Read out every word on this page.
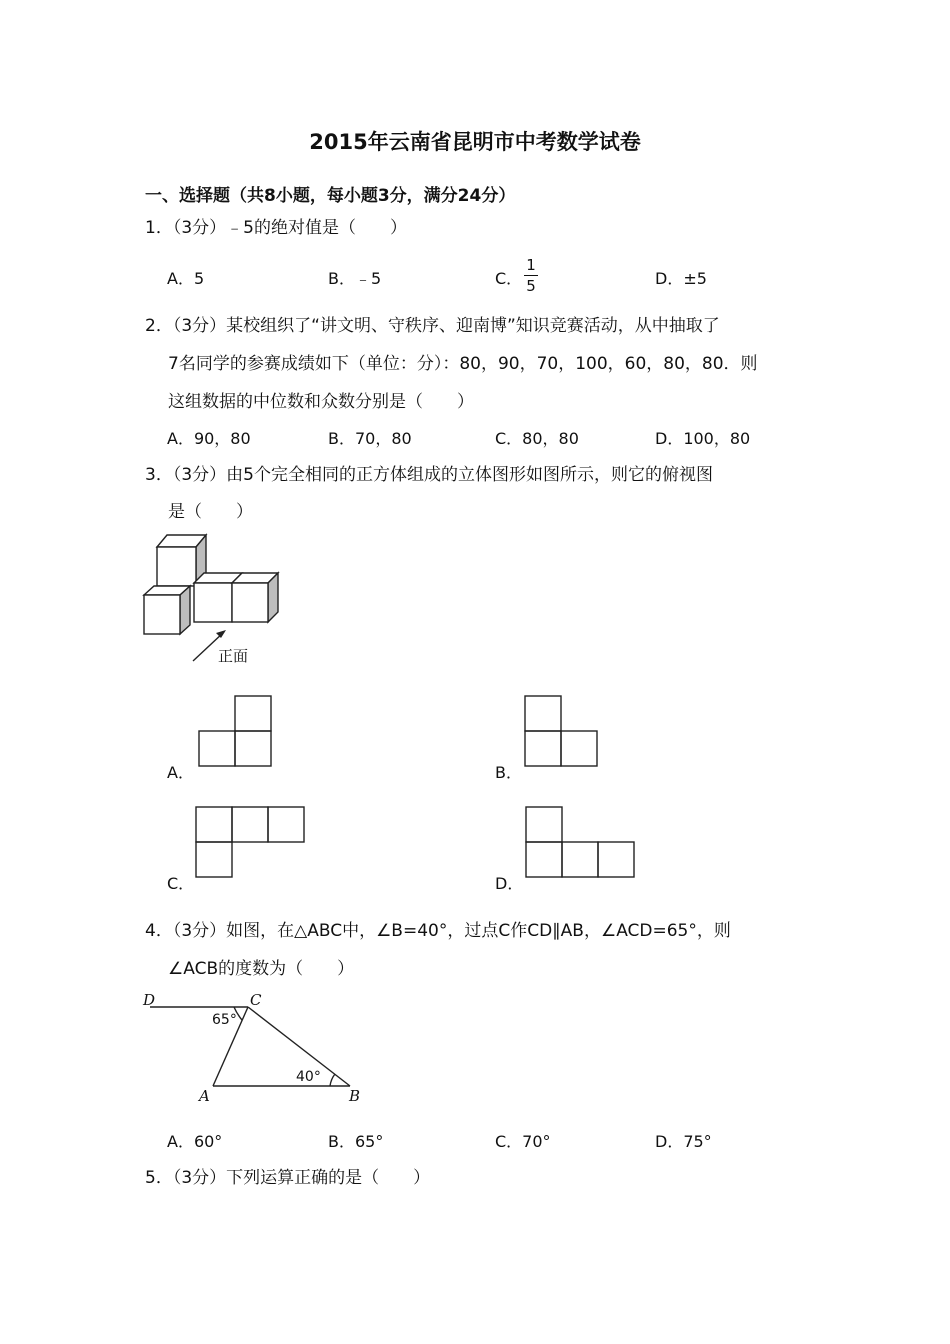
2015年云南省昆明市中考数学试卷
一、选择题（共8小题，每小题3分，满分24分）
1．（3分）﹣5的绝对值是（　　）
A．5	B．﹣5	C．
1
5	D．±5
2．（3分）某校组织了“讲文明、守秩序、迎南博”知识竞赛活动，从中抽取了
7名同学的参赛成绩如下（单位：分）：80，90，70，100，60，80，80．则
这组数据的中位数和众数分别是（　　）
A．90，80	B．70，80	C．80，80	D．100，80
3．（3分）由5个完全相同的正方体组成的立体图形如图所示，则它的俯视图
是（　　）
正面
A．	B．
C．	D．
4．（3分）如图，在△ABC中，∠B=40°，过点C作CD∥AB，∠ACD=65°，则
∠ACB的度数为（　　）
D	C
A	B
65°
40°
A．60°	B．65°	C．70°	D．75°
5．（3分）下列运算正确的是（　　）
